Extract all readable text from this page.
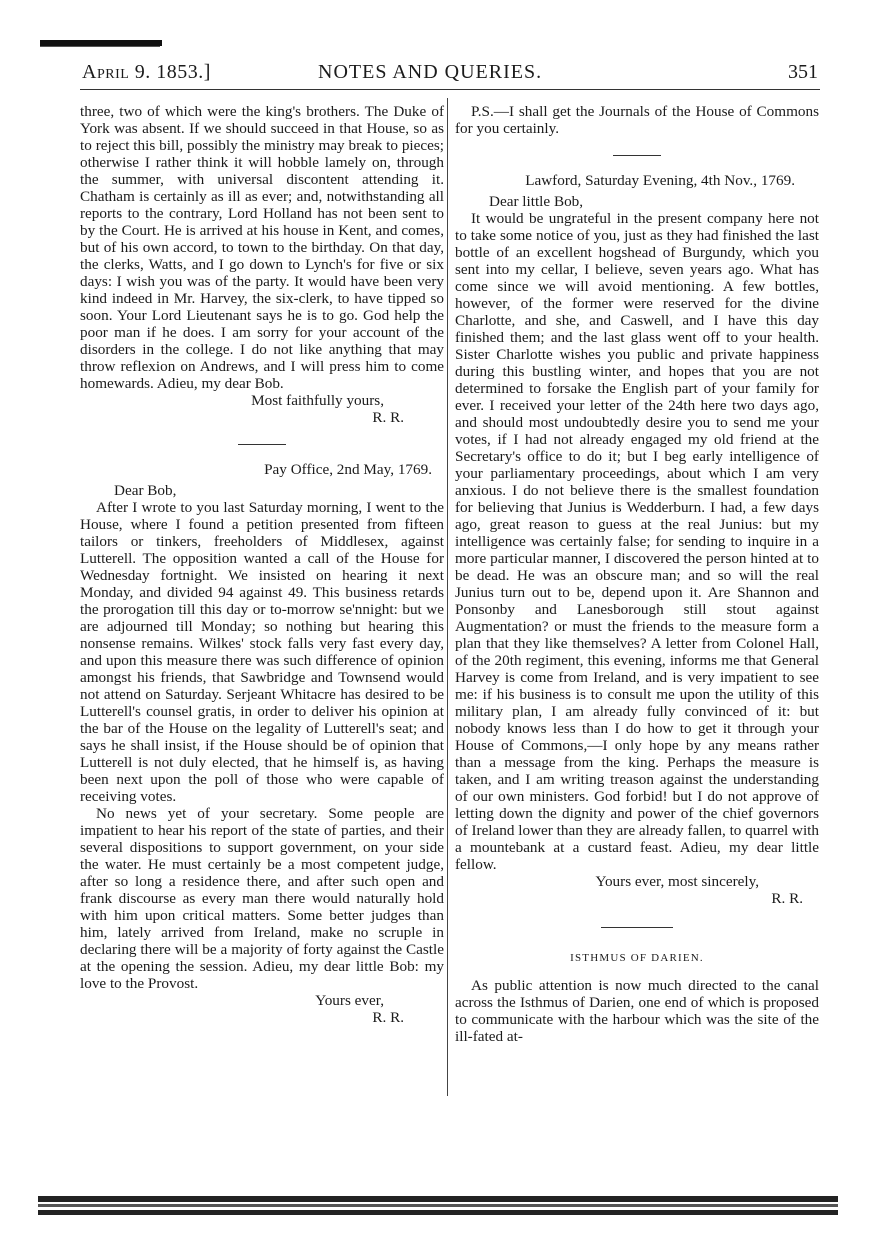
April 9. 1853.]	NOTES AND QUERIES.	351

three, two of which were the king's brothers. The Duke of York was absent. If we should succeed in that House, so as to reject this bill, possibly the ministry may break to pieces; otherwise I rather think it will hobble lamely on, through the summer, with universal discontent attending it. Chatham is certainly as ill as ever; and, notwithstanding all reports to the contrary, Lord Holland has not been sent to by the Court. He is arrived at his house in Kent, and comes, but of his own accord, to town to the birthday. On that day, the clerks, Watts, and I go down to Lynch's for five or six days: I wish you was of the party. It would have been very kind indeed in Mr. Harvey, the six-clerk, to have tipped so soon. Your Lord Lieutenant says he is to go. God help the poor man if he does. I am sorry for your account of the disorders in the college. I do not like anything that may throw reflexion on Andrews, and I will press him to come homewards. Adieu, my dear Bob.

Most faithfully yours,

R. R.

Pay Office, 2nd May, 1769.

Dear Bob,

After I wrote to you last Saturday morning, I went to the House, where I found a petition presented from fifteen tailors or tinkers, freeholders of Middlesex, against Lutterell. The opposition wanted a call of the House for Wednesday fortnight. We insisted on hearing it next Monday, and divided 94 against 49. This business retards the prorogation till this day or to-morrow se'nnight: but we are adjourned till Monday; so nothing but hearing this nonsense remains. Wilkes' stock falls very fast every day, and upon this measure there was such difference of opinion amongst his friends, that Sawbridge and Townsend would not attend on Saturday. Serjeant Whitacre has desired to be Lutterell's counsel gratis, in order to deliver his opinion at the bar of the House on the legality of Lutterell's seat; and says he shall insist, if the House should be of opinion that Lutterell is not duly elected, that he himself is, as having been next upon the poll of those who were capable of receiving votes.

No news yet of your secretary. Some people are impatient to hear his report of the state of parties, and their several dispositions to support government, on your side the water. He must certainly be a most competent judge, after so long a residence there, and after such open and frank discourse as every man there would naturally hold with him upon critical matters. Some better judges than him, lately arrived from Ireland, make no scruple in declaring there will be a majority of forty against the Castle at the opening the session. Adieu, my dear little Bob: my love to the Provost.

Yours ever,

R. R.

P.S.—I shall get the Journals of the House of Commons for you certainly.

Lawford, Saturday Evening, 4th Nov., 1769.

Dear little Bob,

It would be ungrateful in the present company here not to take some notice of you, just as they had finished the last bottle of an excellent hogshead of Burgundy, which you sent into my cellar, I believe, seven years ago. What has come since we will avoid mentioning. A few bottles, however, of the former were reserved for the divine Charlotte, and she, and Caswell, and I have this day finished them; and the last glass went off to your health. Sister Charlotte wishes you public and private happiness during this bustling winter, and hopes that you are not determined to forsake the English part of your family for ever. I received your letter of the 24th here two days ago, and should most undoubtedly desire you to send me your votes, if I had not already engaged my old friend at the Secretary's office to do it; but I beg early intelligence of your parliamentary proceedings, about which I am very anxious. I do not believe there is the smallest foundation for believing that Junius is Wedderburn. I had, a few days ago, great reason to guess at the real Junius: but my intelligence was certainly false; for sending to inquire in a more particular manner, I discovered the person hinted at to be dead. He was an obscure man; and so will the real Junius turn out to be, depend upon it. Are Shannon and Ponsonby and Lanesborough still stout against Augmentation? or must the friends to the measure form a plan that they like themselves? A letter from Colonel Hall, of the 20th regiment, this evening, informs me that General Harvey is come from Ireland, and is very impatient to see me: if his business is to consult me upon the utility of this military plan, I am already fully convinced of it: but nobody knows less than I do how to get it through your House of Commons,—I only hope by any means rather than a message from the king. Perhaps the measure is taken, and I am writing treason against the understanding of our own ministers. God forbid! but I do not approve of letting down the dignity and power of the chief governors of Ireland lower than they are already fallen, to quarrel with a mountebank at a custard feast. Adieu, my dear little fellow.

Yours ever, most sincerely,

R. R.

ISTHMUS OF DARIEN.

As public attention is now much directed to the canal across the Isthmus of Darien, one end of which is proposed to communicate with the harbour which was the site of the ill-fated at-
